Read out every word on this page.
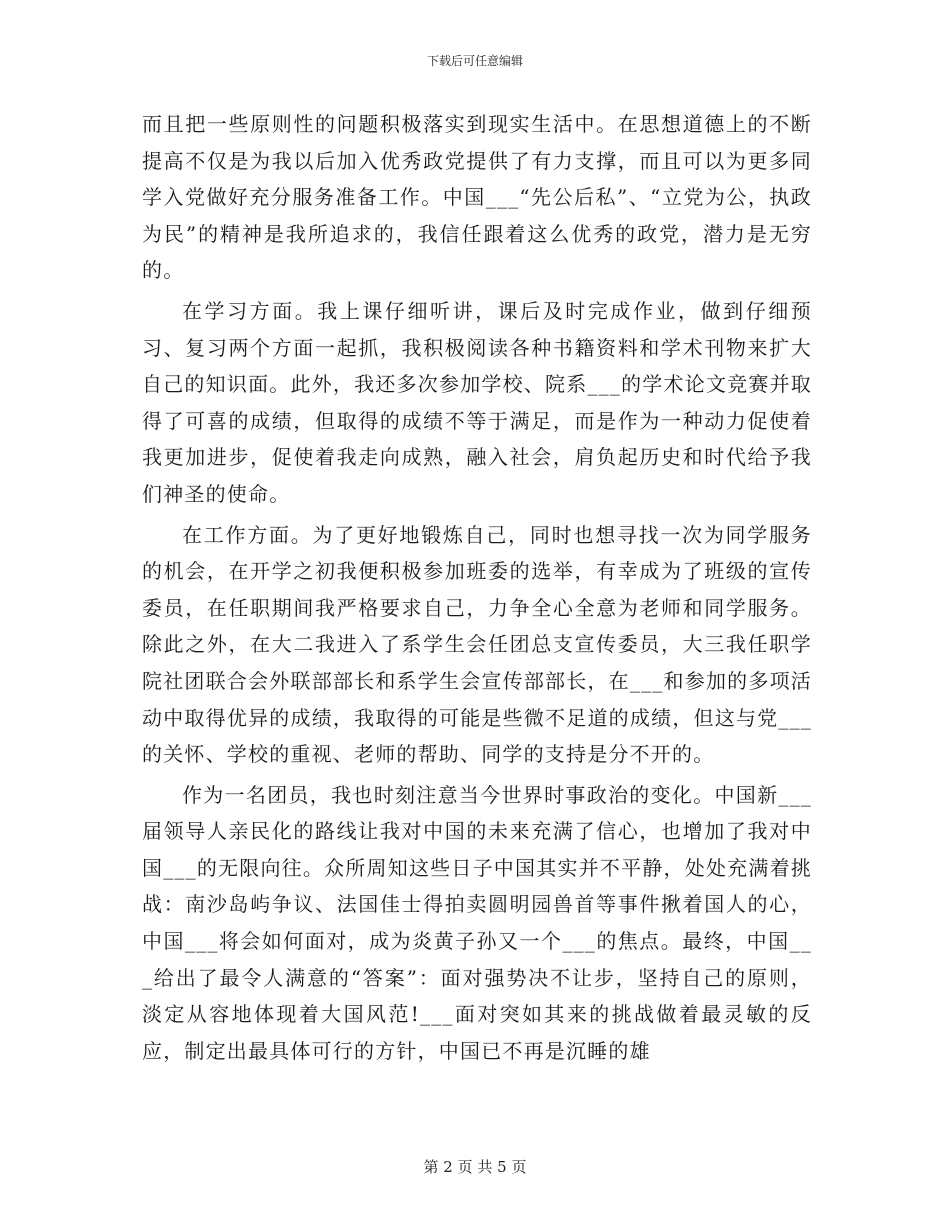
下载后可任意编辑

而且把一些原则性的问题积极落实到现实生活中。在思想道德上的不断提高不仅是为我以后加入优秀政党提供了有力支撑，而且可以为更多同学入党做好充分服务准备工作。中国___“先公后私”、“立党为公，执政为民”的精神是我所追求的，我信任跟着这么优秀的政党，潜力是无穷的。

在学习方面。我上课仔细听讲，课后及时完成作业，做到仔细预习、复习两个方面一起抓，我积极阅读各种书籍资料和学术刊物来扩大自己的知识面。此外，我还多次参加学校、院系___的学术论文竞赛并取得了可喜的成绩，但取得的成绩不等于满足，而是作为一种动力促使着我更加进步，促使着我走向成熟，融入社会，肩负起历史和时代给予我们神圣的使命。

在工作方面。为了更好地锻炼自己，同时也想寻找一次为同学服务的机会，在开学之初我便积极参加班委的选举，有幸成为了班级的宣传委员，在任职期间我严格要求自己，力争全心全意为老师和同学服务。除此之外，在大二我进入了系学生会任团总支宣传委员，大三我任职学院社团联合会外联部部长和系学生会宣传部部长，在___和参加的多项活动中取得优异的成绩，我取得的可能是些微不足道的成绩，但这与党___的关怀、学校的重视、老师的帮助、同学的支持是分不开的。

作为一名团员，我也时刻注意当今世界时事政治的变化。中国新___届领导人亲民化的路线让我对中国的未来充满了信心，也增加了我对中国___的无限向往。众所周知这些日子中国其实并不平静，处处充满着挑战：南沙岛屿争议、法国佳士得拍卖圆明园兽首等事件揪着国人的心，中国___将会如何面对，成为炎黄子孙又一个___的焦点。最终，中国___给出了最令人满意的“答案”：面对强势决不让步，坚持自己的原则，淡定从容地体现着大国风范!___面对突如其来的挑战做着最灵敏的反应，制定出最具体可行的方针，中国已不再是沉睡的雄

第 2 页 共 5 页
